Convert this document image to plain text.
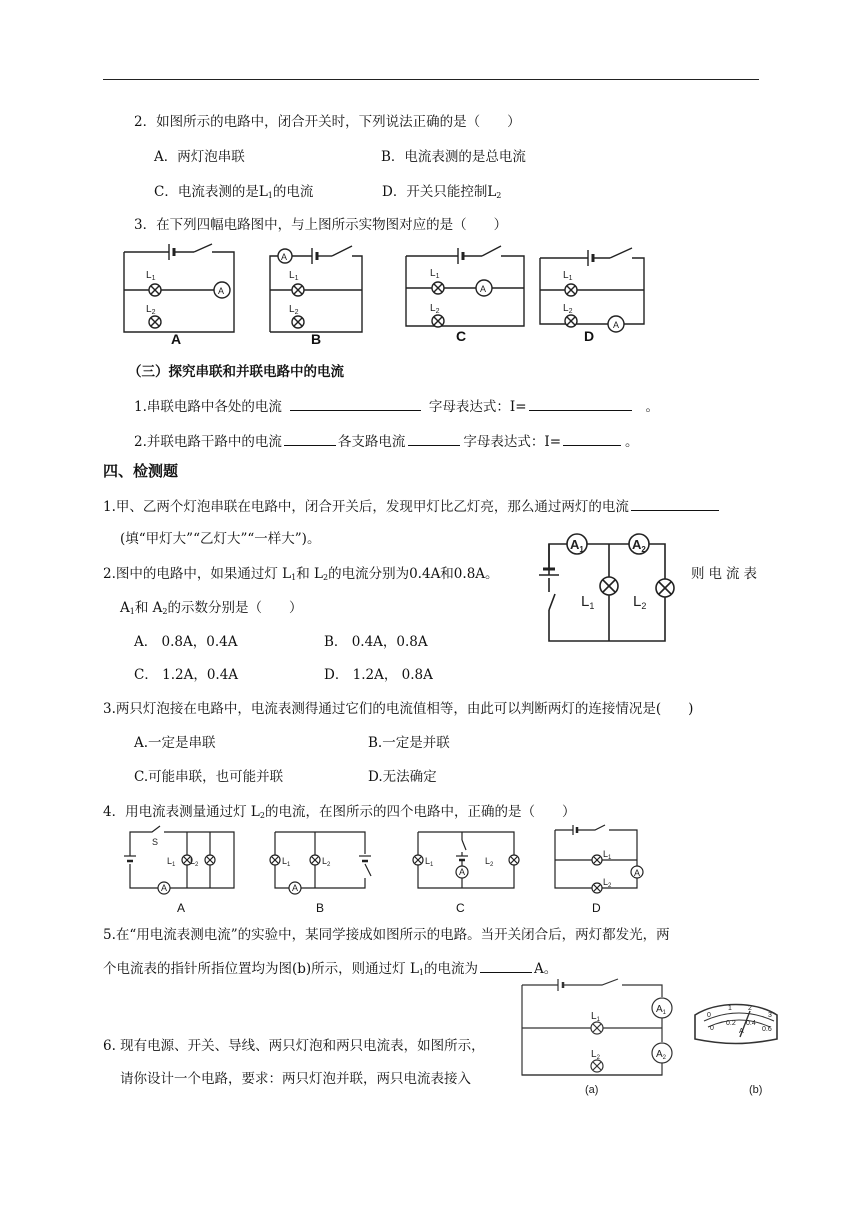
2．如图所示的电路中，闭合开关时，下列说法正确的是（　　）
A．两灯泡串联	B．电流表测的是总电流
C．电流表测的是$L_1$的电流	D．开关只能控制$L_2$
3．在下列四幅电路图中，与上图所示实物图对应的是（　　）
$L_1$
$L_2$
A
A
$L_1$
$L_2$
$L_1$
$L_2$
A
$L_1$
$L_2$
A
A	B	C	D
（三）探究串联和并联电路中的电流
1.串联电路中各处的电流	字母表达式：I=	。
2.并联电路干路中的电流	各支路电流	字母表达式：I=	。
四、检测题
1.甲、乙两个灯泡串联在电路中，闭合开关后，发现甲灯比乙灯亮，那么通过两灯的电流
(填“甲灯大”“乙灯大”“一样大”)。
2.图中的电路中，如果通过灯 $L_1$和 $L_2$的电流分别为0.4A和0.8A。	则电流表
$A_1$和 $A_2$的示数分别是（　　）
A． 0.8A，0.4A	B． 0.4A，0.8A
C． 1.2A，0.4A	D． 1.2A， 0.8A
$A_1$	$A_2$
$L_1$	$L_2$
3.两只灯泡接在电路中，电流表测得通过它们的电流值相等，由此可以判断两灯的连接情况是(　　)
A.一定是串联	B.一定是并联
C.可能串联，也可能并联	D.无法确定
4．用电流表测量通过灯 $L_2$的电流，在图所示的四个电路中，正确的是（　　）
S
$L_1$ $L_2$
A
$L_1$	$L_2$
A
$L_1$
A
$L_2$
$L_1$
$L_2$
A
A	B	C	D
5.在“用电流表测电流”的实验中，某同学接成如图所示的电路。当开关闭合后，两灯都发光，两
个电流表的指针所指位置均为图(b)所示，则通过灯 $L_1$的电流为	A。
$A_1$
$A_2$
$L_1$
$L_2$
(a)	(b)
0
1 2
3
0
0.2 0.4
0.6
A
6. 现有电源、开关、导线、两只灯泡和两只电流表，如图所示，
请你设计一个电路，要求：两只灯泡并联，两只电流表接入
